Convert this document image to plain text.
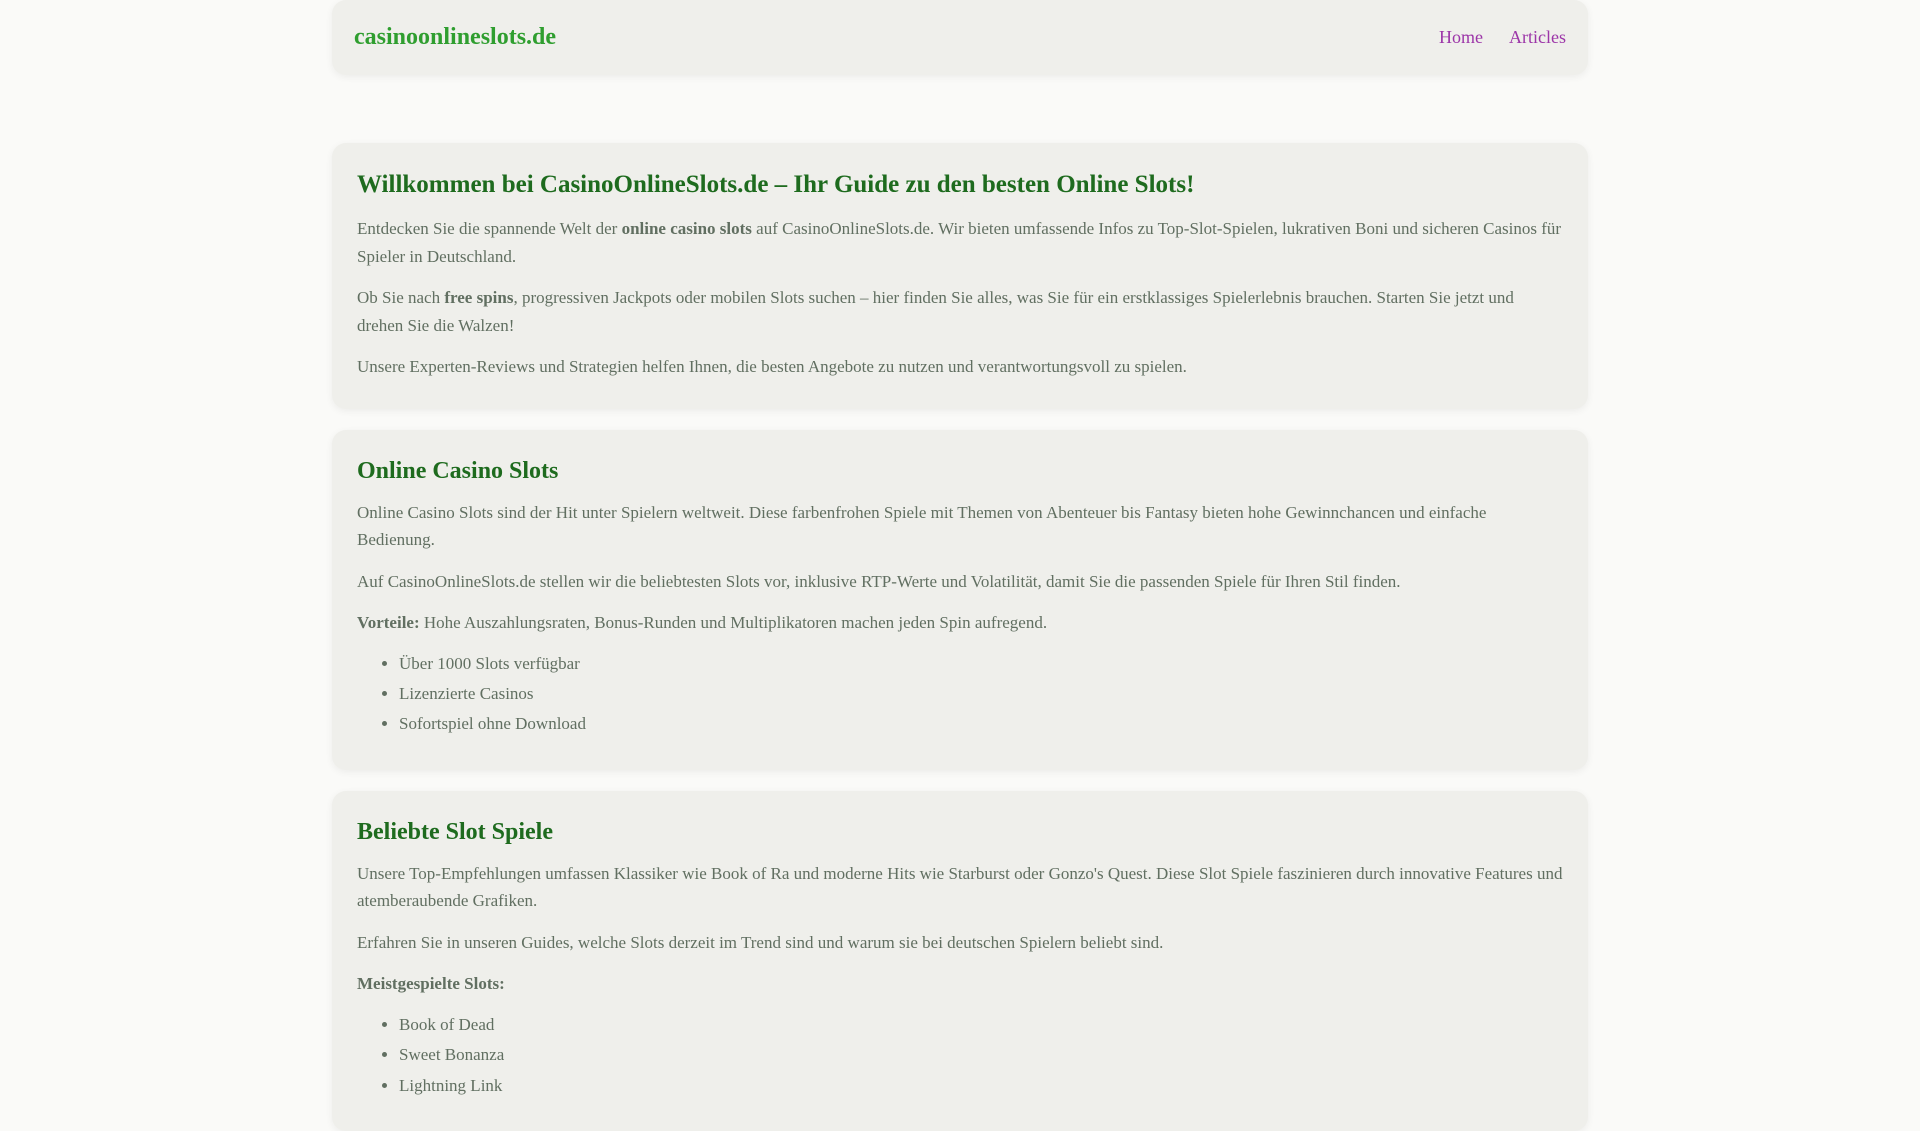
casinoonlineslots.de	Home Articles
Willkommen bei CasinoOnlineSlots.de – Ihr Guide zu den besten Online Slots!

Entdecken Sie die spannende Welt der online casino slots auf CasinoOnlineSlots.de. Wir bieten umfassende Infos zu Top-Slot-Spielen, lukrativen Boni und sicheren Casinos für Spieler in Deutschland.

Ob Sie nach free spins, progressiven Jackpots oder mobilen Slots suchen – hier finden Sie alles, was Sie für ein erstklassiges Spielerlebnis brauchen. Starten Sie jetzt und drehen Sie die Walzen!

Unsere Experten-Reviews und Strategien helfen Ihnen, die besten Angebote zu nutzen und verantwortungsvoll zu spielen.

Online Casino Slots

Online Casino Slots sind der Hit unter Spielern weltweit. Diese farbenfrohen Spiele mit Themen von Abenteuer bis Fantasy bieten hohe Gewinnchancen und einfache Bedienung.

Auf CasinoOnlineSlots.de stellen wir die beliebtesten Slots vor, inklusive RTP-Werte und Volatilität, damit Sie die passenden Spiele für Ihren Stil finden.

Vorteile: Hohe Auszahlungsraten, Bonus-Runden und Multiplikatoren machen jeden Spin aufregend.

• Über 1000 Slots verfügbar
• Lizenzierte Casinos
• Sofortspiel ohne Download
Beliebte Slot Spiele

Unsere Top-Empfehlungen umfassen Klassiker wie Book of Ra und moderne Hits wie Starburst oder Gonzo's Quest. Diese Slot Spiele faszinieren durch innovative Features und atemberaubende Grafiken.

Erfahren Sie in unseren Guides, welche Slots derzeit im Trend sind und warum sie bei deutschen Spielern beliebt sind.

Meistgespielte Slots:

• Book of Dead
• Sweet Bonanza
• Lightning Link
